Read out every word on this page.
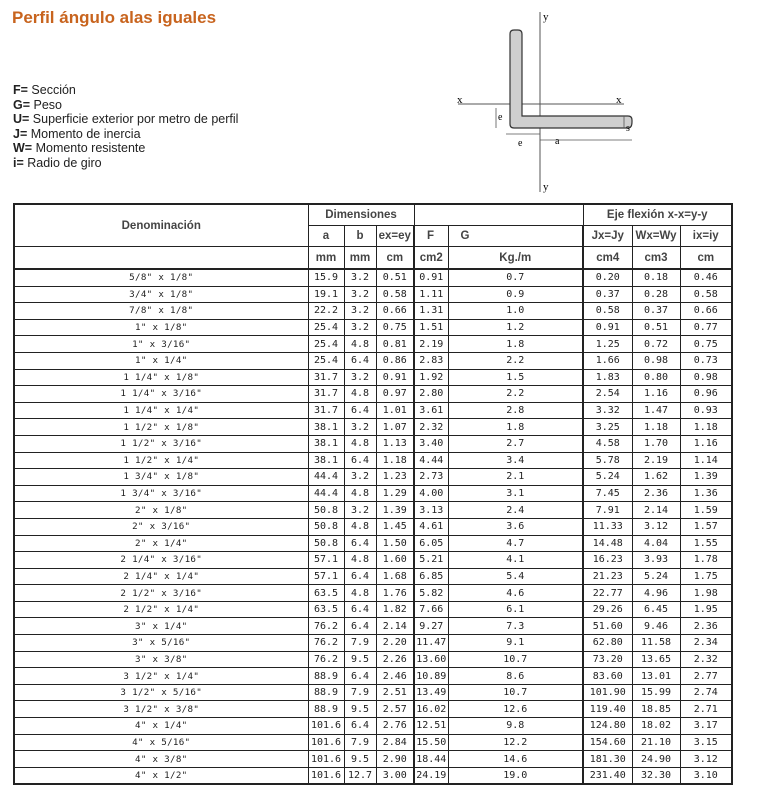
Perfil ángulo alas iguales
F= Sección
G= Peso
U= Superficie exterior por metro de perfil
J= Momento de inercia
W= Momento resistente
i= Radio de giro
x	x
y
y
e
e	a
s
Denominación	Dimensiones					Eje flexión x-x=y-y		
	a	b	ex=ey	F	G	Jx=Jy	Wx=Wy	ix=iy
	mm	mm	cm	cm2	Kg./m	cm4	cm3	cm
5/8" x 1/8"	15.9	3.2	0.51	0.91	0.7	0.20	0.18	0.46
3/4" x 1/8"	19.1	3.2	0.58	1.11	0.9	0.37	0.28	0.58
7/8" x 1/8"	22.2	3.2	0.66	1.31	1.0	0.58	0.37	0.66
1" x 1/8"	25.4	3.2	0.75	1.51	1.2	0.91	0.51	0.77
1" x 3/16"	25.4	4.8	0.81	2.19	1.8	1.25	0.72	0.75
1" x 1/4"	25.4	6.4	0.86	2.83	2.2	1.66	0.98	0.73
1 1/4" x 1/8"	31.7	3.2	0.91	1.92	1.5	1.83	0.80	0.98
1 1/4" x 3/16"	31.7	4.8	0.97	2.80	2.2	2.54	1.16	0.96
1 1/4" x 1/4"	31.7	6.4	1.01	3.61	2.8	3.32	1.47	0.93
1 1/2" x 1/8"	38.1	3.2	1.07	2.32	1.8	3.25	1.18	1.18
1 1/2" x 3/16"	38.1	4.8	1.13	3.40	2.7	4.58	1.70	1.16
1 1/2" x 1/4"	38.1	6.4	1.18	4.44	3.4	5.78	2.19	1.14
1 3/4" x 1/8"	44.4	3.2	1.23	2.73	2.1	5.24	1.62	1.39
1 3/4" x 3/16"	44.4	4.8	1.29	4.00	3.1	7.45	2.36	1.36
2" x 1/8"	50.8	3.2	1.39	3.13	2.4	7.91	2.14	1.59
2" x 3/16"	50.8	4.8	1.45	4.61	3.6	11.33	3.12	1.57
2" x 1/4"	50.8	6.4	1.50	6.05	4.7	14.48	4.04	1.55
2 1/4" x 3/16"	57.1	4.8	1.60	5.21	4.1	16.23	3.93	1.78
2 1/4" x 1/4"	57.1	6.4	1.68	6.85	5.4	21.23	5.24	1.75
2 1/2" x 3/16"	63.5	4.8	1.76	5.82	4.6	22.77	4.96	1.98
2 1/2" x 1/4"	63.5	6.4	1.82	7.66	6.1	29.26	6.45	1.95
3" x 1/4"	76.2	6.4	2.14	9.27	7.3	51.60	9.46	2.36
3" x 5/16"	76.2	7.9	2.20	11.47	9.1	62.80	11.58	2.34
3" x 3/8"	76.2	9.5	2.26	13.60	10.7	73.20	13.65	2.32
3 1/2" x 1/4"	88.9	6.4	2.46	10.89	8.6	83.60	13.01	2.77
3 1/2" x 5/16"	88.9	7.9	2.51	13.49	10.7	101.90	15.99	2.74
3 1/2" x 3/8"	88.9	9.5	2.57	16.02	12.6	119.40	18.85	2.71
4" x 1/4"	101.6	6.4	2.76	12.51	9.8	124.80	18.02	3.17
4" x 5/16"	101.6	7.9	2.84	15.50	12.2	154.60	21.10	3.15
4" x 3/8"	101.6	9.5	2.90	18.44	14.6	181.30	24.90	3.12
4" x 1/2"	101.6	12.7	3.00	24.19	19.0	231.40	32.30	3.10
